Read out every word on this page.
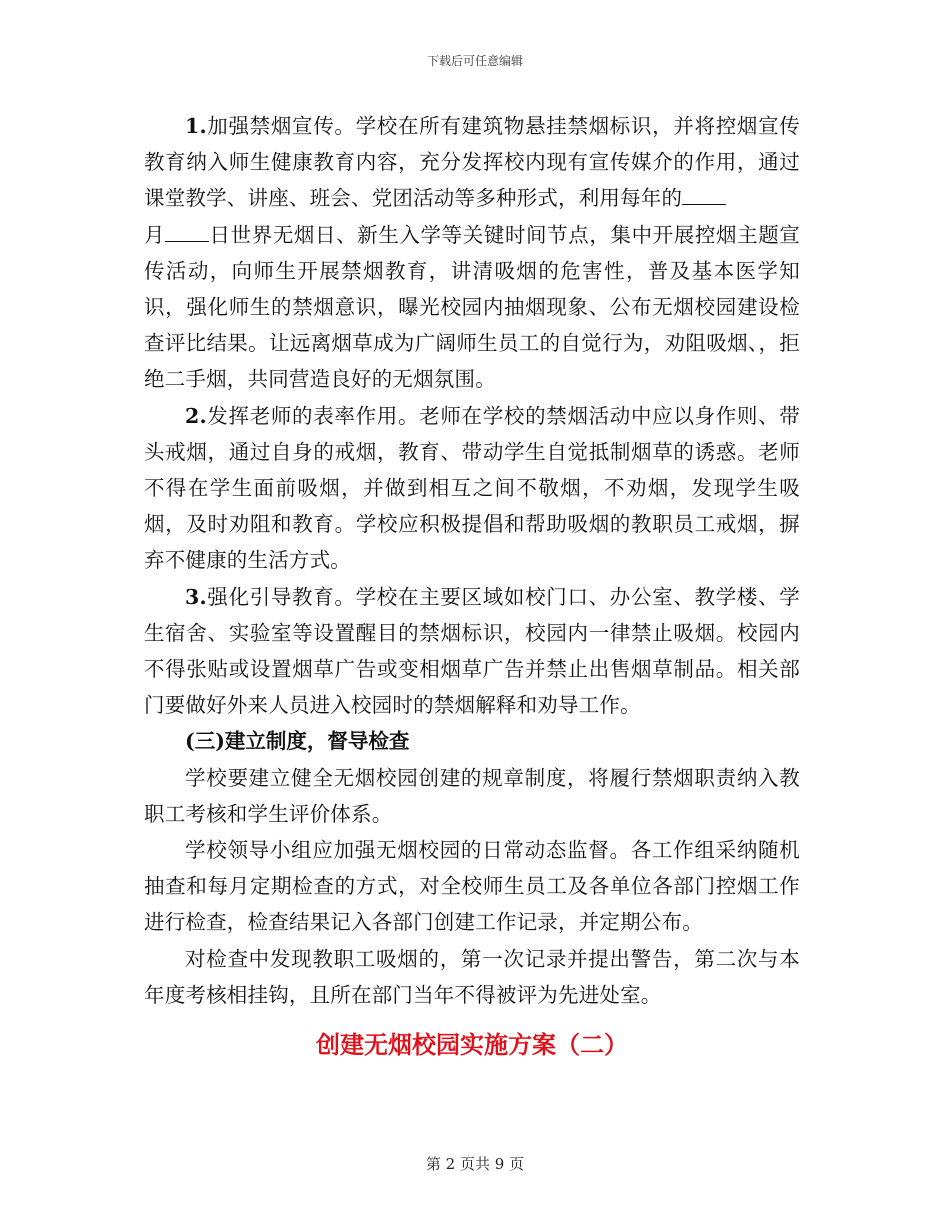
下载后可任意编辑

1.加强禁烟宣传。学校在所有建筑物悬挂禁烟标识，并将控烟宣传教育纳入师生健康教育内容，充分发挥校内现有宣传媒介的作用，通过课堂教学、讲座、班会、党团活动等多种形式，利用每年的
月 日世界无烟日、新生入学等关键时间节点，集中开展控烟主题宣传活动，向师生开展禁烟教育，讲清吸烟的危害性，普及基本医学知识，强化师生的禁烟意识，曝光校园内抽烟现象、公布无烟校园建设检查评比结果。让远离烟草成为广阔师生员工的自觉行为，劝阻吸烟、，拒绝二手烟，共同营造良好的无烟氛围。

2.发挥老师的表率作用。老师在学校的禁烟活动中应以身作则、带头戒烟，通过自身的戒烟，教育、带动学生自觉抵制烟草的诱惑。老师不得在学生面前吸烟，并做到相互之间不敬烟，不劝烟，发现学生吸烟，及时劝阻和教育。学校应积极提倡和帮助吸烟的教职员工戒烟，摒弃不健康的生活方式。

3.强化引导教育。学校在主要区域如校门口、办公室、教学楼、学生宿舍、实验室等设置醒目的禁烟标识，校园内一律禁止吸烟。校园内不得张贴或设置烟草广告或变相烟草广告并禁止出售烟草制品。相关部门要做好外来人员进入校园时的禁烟解释和劝导工作。

(三)建立制度，督导检查

学校要建立健全无烟校园创建的规章制度，将履行禁烟职责纳入教职工考核和学生评价体系。

学校领导小组应加强无烟校园的日常动态监督。各工作组采纳随机抽查和每月定期检查的方式，对全校师生员工及各单位各部门控烟工作进行检查，检查结果记入各部门创建工作记录，并定期公布。

对检查中发现教职工吸烟的，第一次记录并提出警告，第二次与本年度考核相挂钩，且所在部门当年不得被评为先进处室。

创建无烟校园实施方案（二）
第 2 页共 9 页
